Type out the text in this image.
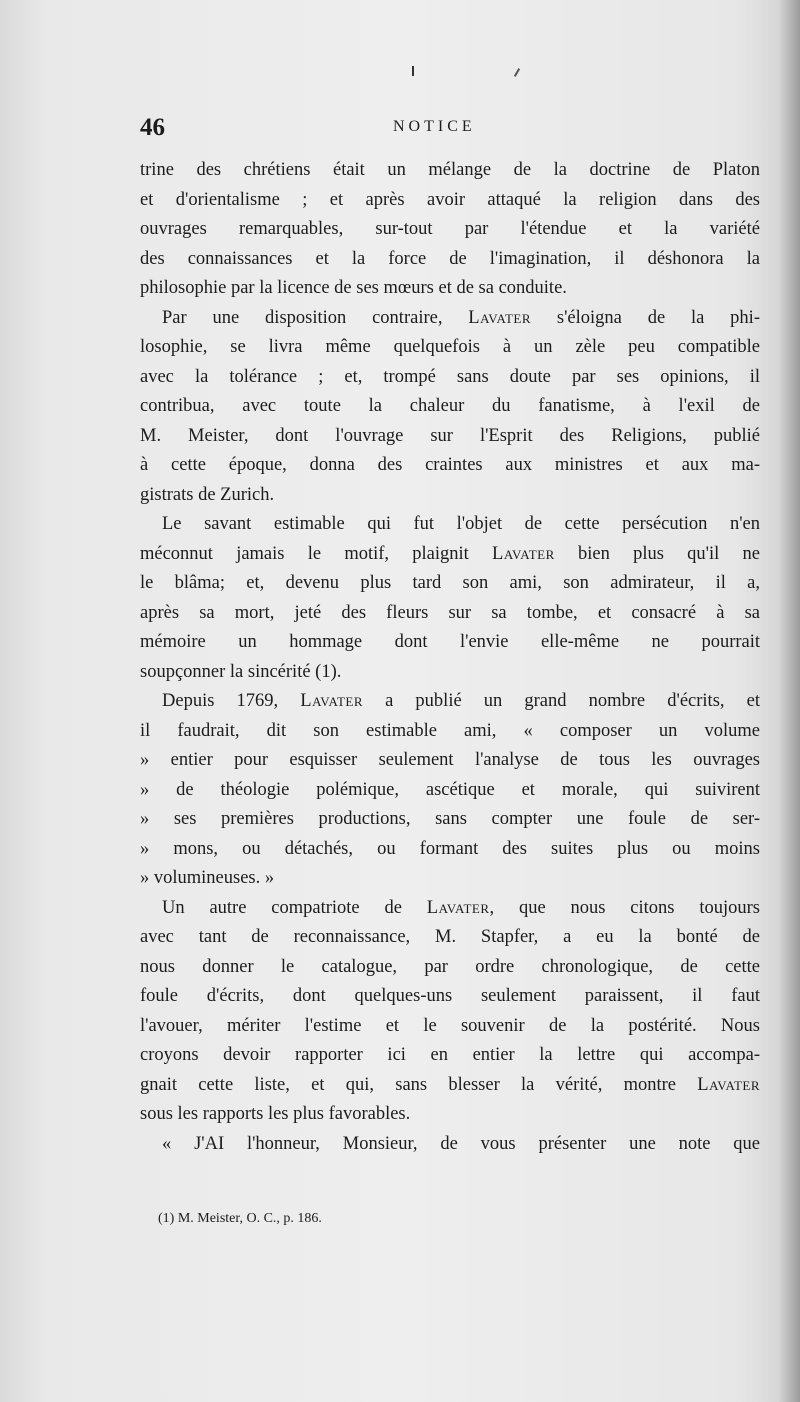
46	NOTICE
trine des chrétiens était un mélange de la doctrine de Platon
et d'orientalisme ; et après avoir attaqué la religion dans des
ouvrages remarquables, sur-tout par l'étendue et la variété
des connaissances et la force de l'imagination, il déshonora la
philosophie par la licence de ses mœurs et de sa conduite.
Par une disposition contraire, Lavater s'éloigna de la phi-
losophie, se livra même quelquefois à un zèle peu compatible
avec la tolérance ; et, trompé sans doute par ses opinions, il
contribua, avec toute la chaleur du fanatisme, à l'exil de
M. Meister, dont l'ouvrage sur l'Esprit des Religions, publié
à cette époque, donna des craintes aux ministres et aux ma-
gistrats de Zurich.
Le savant estimable qui fut l'objet de cette persécution n'en
méconnut jamais le motif, plaignit Lavater bien plus qu'il ne
le blâma; et, devenu plus tard son ami, son admirateur, il a,
après sa mort, jeté des fleurs sur sa tombe, et consacré à sa
mémoire un hommage dont l'envie elle-même ne pourrait
soupçonner la sincérité (1).
Depuis 1769, Lavater a publié un grand nombre d'écrits, et
il faudrait, dit son estimable ami, « composer un volume
» entier pour esquisser seulement l'analyse de tous les ouvrages
» de théologie polémique, ascétique et morale, qui suivirent
» ses premières productions, sans compter une foule de ser-
» mons, ou détachés, ou formant des suites plus ou moins
» volumineuses. »
Un autre compatriote de Lavater, que nous citons toujours
avec tant de reconnaissance, M. Stapfer, a eu la bonté de
nous donner le catalogue, par ordre chronologique, de cette
foule d'écrits, dont quelques-uns seulement paraissent, il faut
l'avouer, mériter l'estime et le souvenir de la postérité. Nous
croyons devoir rapporter ici en entier la lettre qui accompa-
gnait cette liste, et qui, sans blesser la vérité, montre Lavater
sous les rapports les plus favorables.
« J'AI l'honneur, Monsieur, de vous présenter une note que
(1) M. Meister, O. C., p. 186.
